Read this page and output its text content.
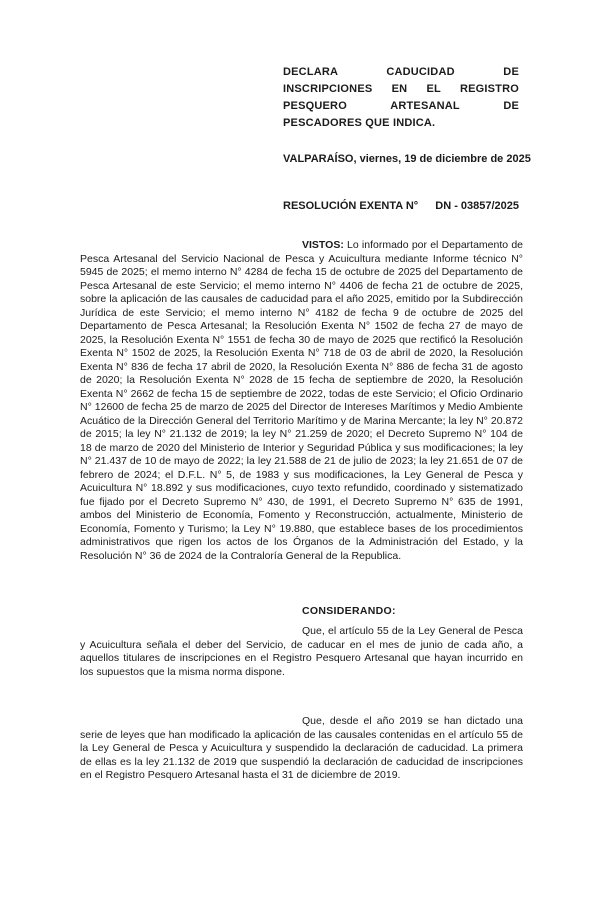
DECLARA CADUCIDAD DE
INSCRIPCIONES EN EL REGISTRO
PESQUERO ARTESANAL DE
PESCADORES QUE INDICA.
VALPARAÍSO, viernes, 19 de diciembre de 2025
RESOLUCIÓN EXENTA N° DN - 03857/2025

VISTOS: Lo informado por el Departamento de Pesca Artesanal del Servicio Nacional de Pesca y Acuicultura mediante Informe técnico N° 5945 de 2025; el memo interno N° 4284 de fecha 15 de octubre de 2025 del Departamento de Pesca Artesanal de este Servicio; el memo interno N° 4406 de fecha 21 de octubre de 2025, sobre la aplicación de las causales de caducidad para el año 2025, emitido por la Subdirección Jurídica de este Servicio; el memo interno N° 4182 de fecha 9 de octubre de 2025 del Departamento de Pesca Artesanal; la Resolución Exenta N° 1502 de fecha 27 de mayo de 2025, la Resolución Exenta N° 1551 de fecha 30 de mayo de 2025 que rectificó la Resolución Exenta N° 1502 de 2025, la Resolución Exenta N° 718 de 03 de abril de 2020, la Resolución Exenta N° 836 de fecha 17 abril de 2020, la Resolución Exenta N° 886 de fecha 31 de agosto de 2020; la Resolución Exenta N° 2028 de 15 fecha de septiembre de 2020, la Resolución Exenta N° 2662 de fecha 15 de septiembre de 2022, todas de este Servicio; el Oficio Ordinario N° 12600 de fecha 25 de marzo de 2025 del Director de Intereses Marítimos y Medio Ambiente Acuático de la Dirección General del Territorio Marítimo y de Marina Mercante; la ley N° 20.872 de 2015; la ley N° 21.132 de 2019; la ley N° 21.259 de 2020; el Decreto Supremo N° 104 de 18 de marzo de 2020 del Ministerio de Interior y Seguridad Pública y sus modificaciones; la ley N° 21.437 de 10 de mayo de 2022; la ley 21.588 de 21 de julio de 2023; la ley 21.651 de 07 de febrero de 2024; el D.F.L. N° 5, de 1983 y sus modificaciones, la Ley General de Pesca y Acuicultura N° 18.892 y sus modificaciones, cuyo texto refundido, coordinado y sistematizado fue fijado por el Decreto Supremo N° 430, de 1991, el Decreto Supremo N° 635 de 1991, ambos del Ministerio de Economía, Fomento y Reconstrucción, actualmente, Ministerio de Economía, Fomento y Turismo; la Ley N° 19.880, que establece bases de los procedimientos administrativos que rigen los actos de los Órganos de la Administración del Estado, y la Resolución N° 36 de 2024 de la Contraloría General de la Republica.

CONSIDERANDO:

Que, el artículo 55 de la Ley General de Pesca y Acuicultura señala el deber del Servicio, de caducar en el mes de junio de cada año, a aquellos titulares de inscripciones en el Registro Pesquero Artesanal que hayan incurrido en los supuestos que la misma norma dispone.

Que, desde el año 2019 se han dictado una serie de leyes que han modificado la aplicación de las causales contenidas en el artículo 55 de la Ley General de Pesca y Acuicultura y suspendido la declaración de caducidad. La primera de ellas es la ley 21.132 de 2019 que suspendió la declaración de caducidad de inscripciones en el Registro Pesquero Artesanal hasta el 31 de diciembre de 2019.
